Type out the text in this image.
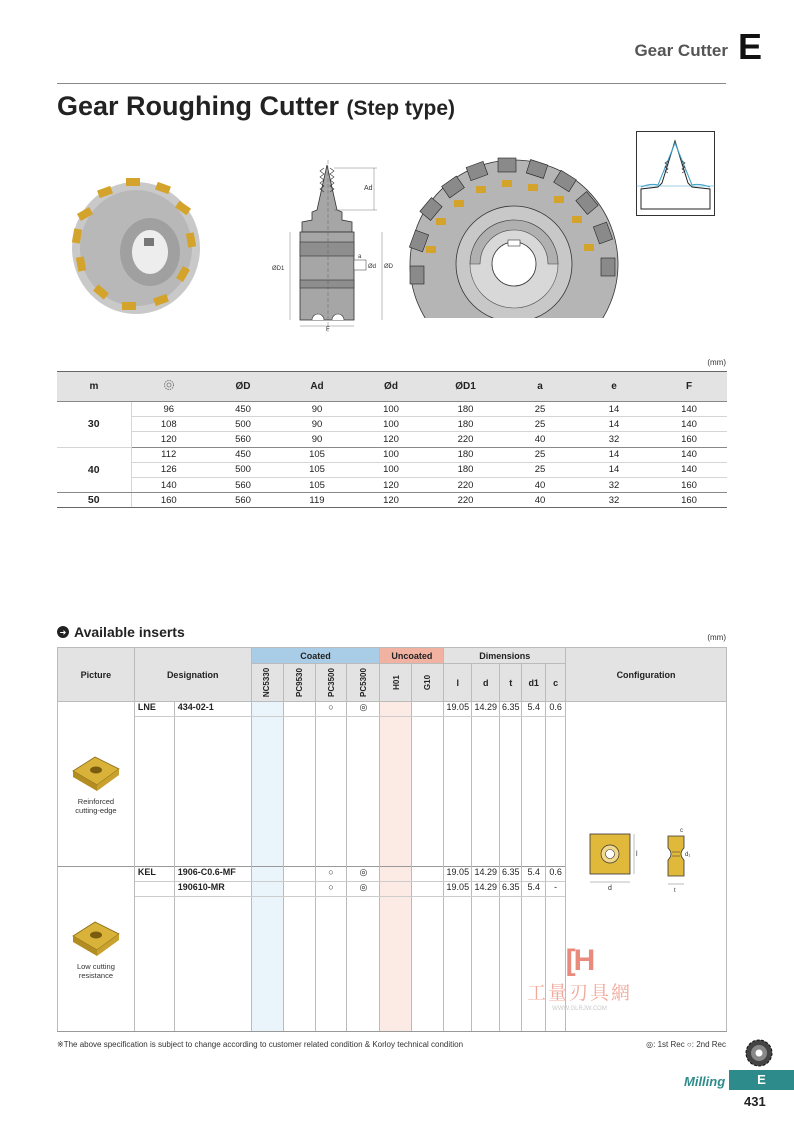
Gear Cutter E
Gear Roughing Cutter (Step type)
Ad
ØD1	Ød ØD
a
F
(mm)
m		ØD	Ad	Ød	ØD1	a	e	F
30	96	450	90	100	180	25	14	140
	108	500	90	100	180	25	14	140
	120	560	90	120	220	40	32	160
40	112	450	105	100	180	25	14	140
	126	500	105	100	180	25	14	140
	140	560	105	120	220	40	32	160
50	160	560	119	120	220	40	32	160
➜ Available inserts	(mm)
Picture	Designation		Coated				Uncoated		Dimensions					Configuration
			NC5330	PC9530	PC3500	PC5300	H01	G10	l	d	t	d1	c	

Reinforced cutting-edge	LNE	434-02-1			○	◎			19.05	14.29	6.35	5.4	0.6	l
d
d₁
c
t

Low cutting resistance	KEL	1906-C0.6-MF			○	◎			19.05	14.29	6.35	5.4	0.6	
		190610-MR			○	◎			19.05	14.29	6.35	5.4	-	

[H
工量刃具網
WWW.GLRJW.COM
※The above specification is subject to change according to customer related condition & Korloy technical condition	◎: 1st Rec ○: 2nd Rec
Milling	E
431
